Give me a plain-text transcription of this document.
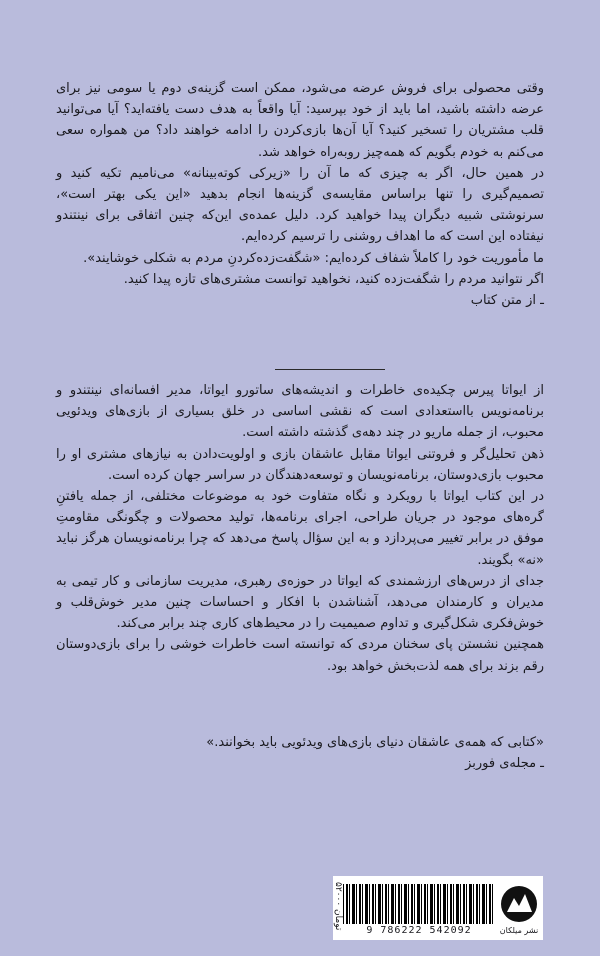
وقتی محصولی برای فروش عرضه می‌شود، ممکن است گزینه‌ی دوم یا سومی نیز برای عرضه داشته باشید، اما باید از خود بپرسید: آیا واقعاً به هدف دست یافته‌اید؟ آیا می‌توانید قلب مشتریان را تسخیر کنید؟ آیا آن‌ها بازی‌کردن را ادامه خواهند داد؟ من همواره سعی می‌کنم به خودم بگویم که همه‌چیز روبه‌راه خواهد شد.

در همین حال، اگر به چیزی که ما آن را «زیرکی کوته‌بینانه» می‌نامیم تکیه کنید و تصمیم‌گیری را تنها براساس مقایسه‌ی گزینه‌ها انجام بدهید «این یکی بهتر است»، سرنوشتی شبیه دیگران پیدا خواهید کرد. دلیل عمده‌ی این‌که چنین اتفاقی برای نینتندو نیفتاده این است که ما اهداف روشنی را ترسیم کرده‌ایم.

ما مأموریت خود را کاملاً شفاف کرده‌ایم: «شگفت‌زده‌کردنِ مردم به شکلی خوشایند».

اگر نتوانید مردم را شگفت‌زده کنید، نخواهید توانست مشتری‌های تازه پیدا کنید.

ـ از متن کتاب

از ایواتا پیرس چکیده‌ی خاطرات و اندیشه‌های ساتورو ایواتا، مدیر افسانه‌ای نینتندو و برنامه‌نویس بااستعدادی است که نقشی اساسی در خلق بسیاری از بازی‌های ویدئویی محبوب، از جمله ماریو در چند دهه‌ی گذشته داشته است.

ذهن تحلیل‌گر و فروتنی ایواتا مقابل عاشقان بازی و اولویت‌دادن به نیازهای مشتری او را محبوب بازی‌دوستان، برنامه‌نویسان و توسعه‌دهندگان در سراسر جهان کرده است.

در این کتاب ایواتا با رویکرد و نگاه متفاوت خود به موضوعات مختلفی، از جمله یافتنِ گره‌های موجود در جریان طراحی، اجرای برنامه‌ها، تولید محصولات و چگونگی مقاومتِ موفق در برابر تغییر می‌پردازد و به این سؤال پاسخ می‌دهد که چرا برنامه‌نویسان هرگز نباید «نه» بگویند.

جدای از درس‌های ارزشمندی که ایواتا در حوزه‌ی رهبری، مدیریت سازمانی و کار تیمی به مدیران و کارمندان می‌دهد، آشناشدن با افکار و احساسات چنین مدیر خوش‌قلب و خوش‌فکری شکل‌گیری و تداوم صمیمیت را در محیط‌های کاری چند برابر می‌کند.

همچنین نشستن پای سخنان مردی که توانسته است خاطرات خوشی را برای بازی‌دوستان رقم بزند برای همه لذت‌بخش خواهد بود.

«کتابی که همه‌ی عاشقان دنیای بازی‌های ویدئویی باید بخوانند.»

ـ مجله‌ی فوربز

9 786222 542092	نشر میلکان
۵۲۰۰۰ تومان
